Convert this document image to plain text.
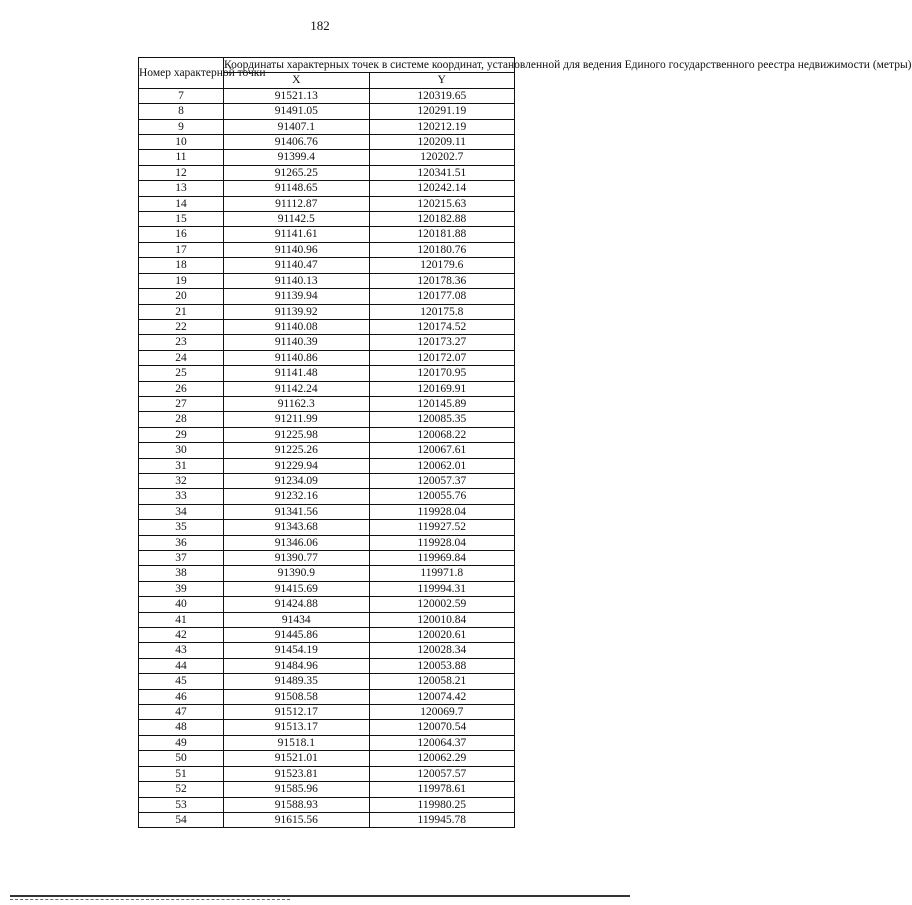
182
Номер характерной точки	Координаты характерных точек в системе координат, установленной для ведения Единого государственного реестра недвижимости (метры)	
	X	Y
7	91521.13	120319.65
8	91491.05	120291.19
9	91407.1	120212.19
10	91406.76	120209.11
11	91399.4	120202.7
12	91265.25	120341.51
13	91148.65	120242.14
14	91112.87	120215.63
15	91142.5	120182.88
16	91141.61	120181.88
17	91140.96	120180.76
18	91140.47	120179.6
19	91140.13	120178.36
20	91139.94	120177.08
21	91139.92	120175.8
22	91140.08	120174.52
23	91140.39	120173.27
24	91140.86	120172.07
25	91141.48	120170.95
26	91142.24	120169.91
27	91162.3	120145.89
28	91211.99	120085.35
29	91225.98	120068.22
30	91225.26	120067.61
31	91229.94	120062.01
32	91234.09	120057.37
33	91232.16	120055.76
34	91341.56	119928.04
35	91343.68	119927.52
36	91346.06	119928.04
37	91390.77	119969.84
38	91390.9	119971.8
39	91415.69	119994.31
40	91424.88	120002.59
41	91434	120010.84
42	91445.86	120020.61
43	91454.19	120028.34
44	91484.96	120053.88
45	91489.35	120058.21
46	91508.58	120074.42
47	91512.17	120069.7
48	91513.17	120070.54
49	91518.1	120064.37
50	91521.01	120062.29
51	91523.81	120057.57
52	91585.96	119978.61
53	91588.93	119980.25
54	91615.56	119945.78
